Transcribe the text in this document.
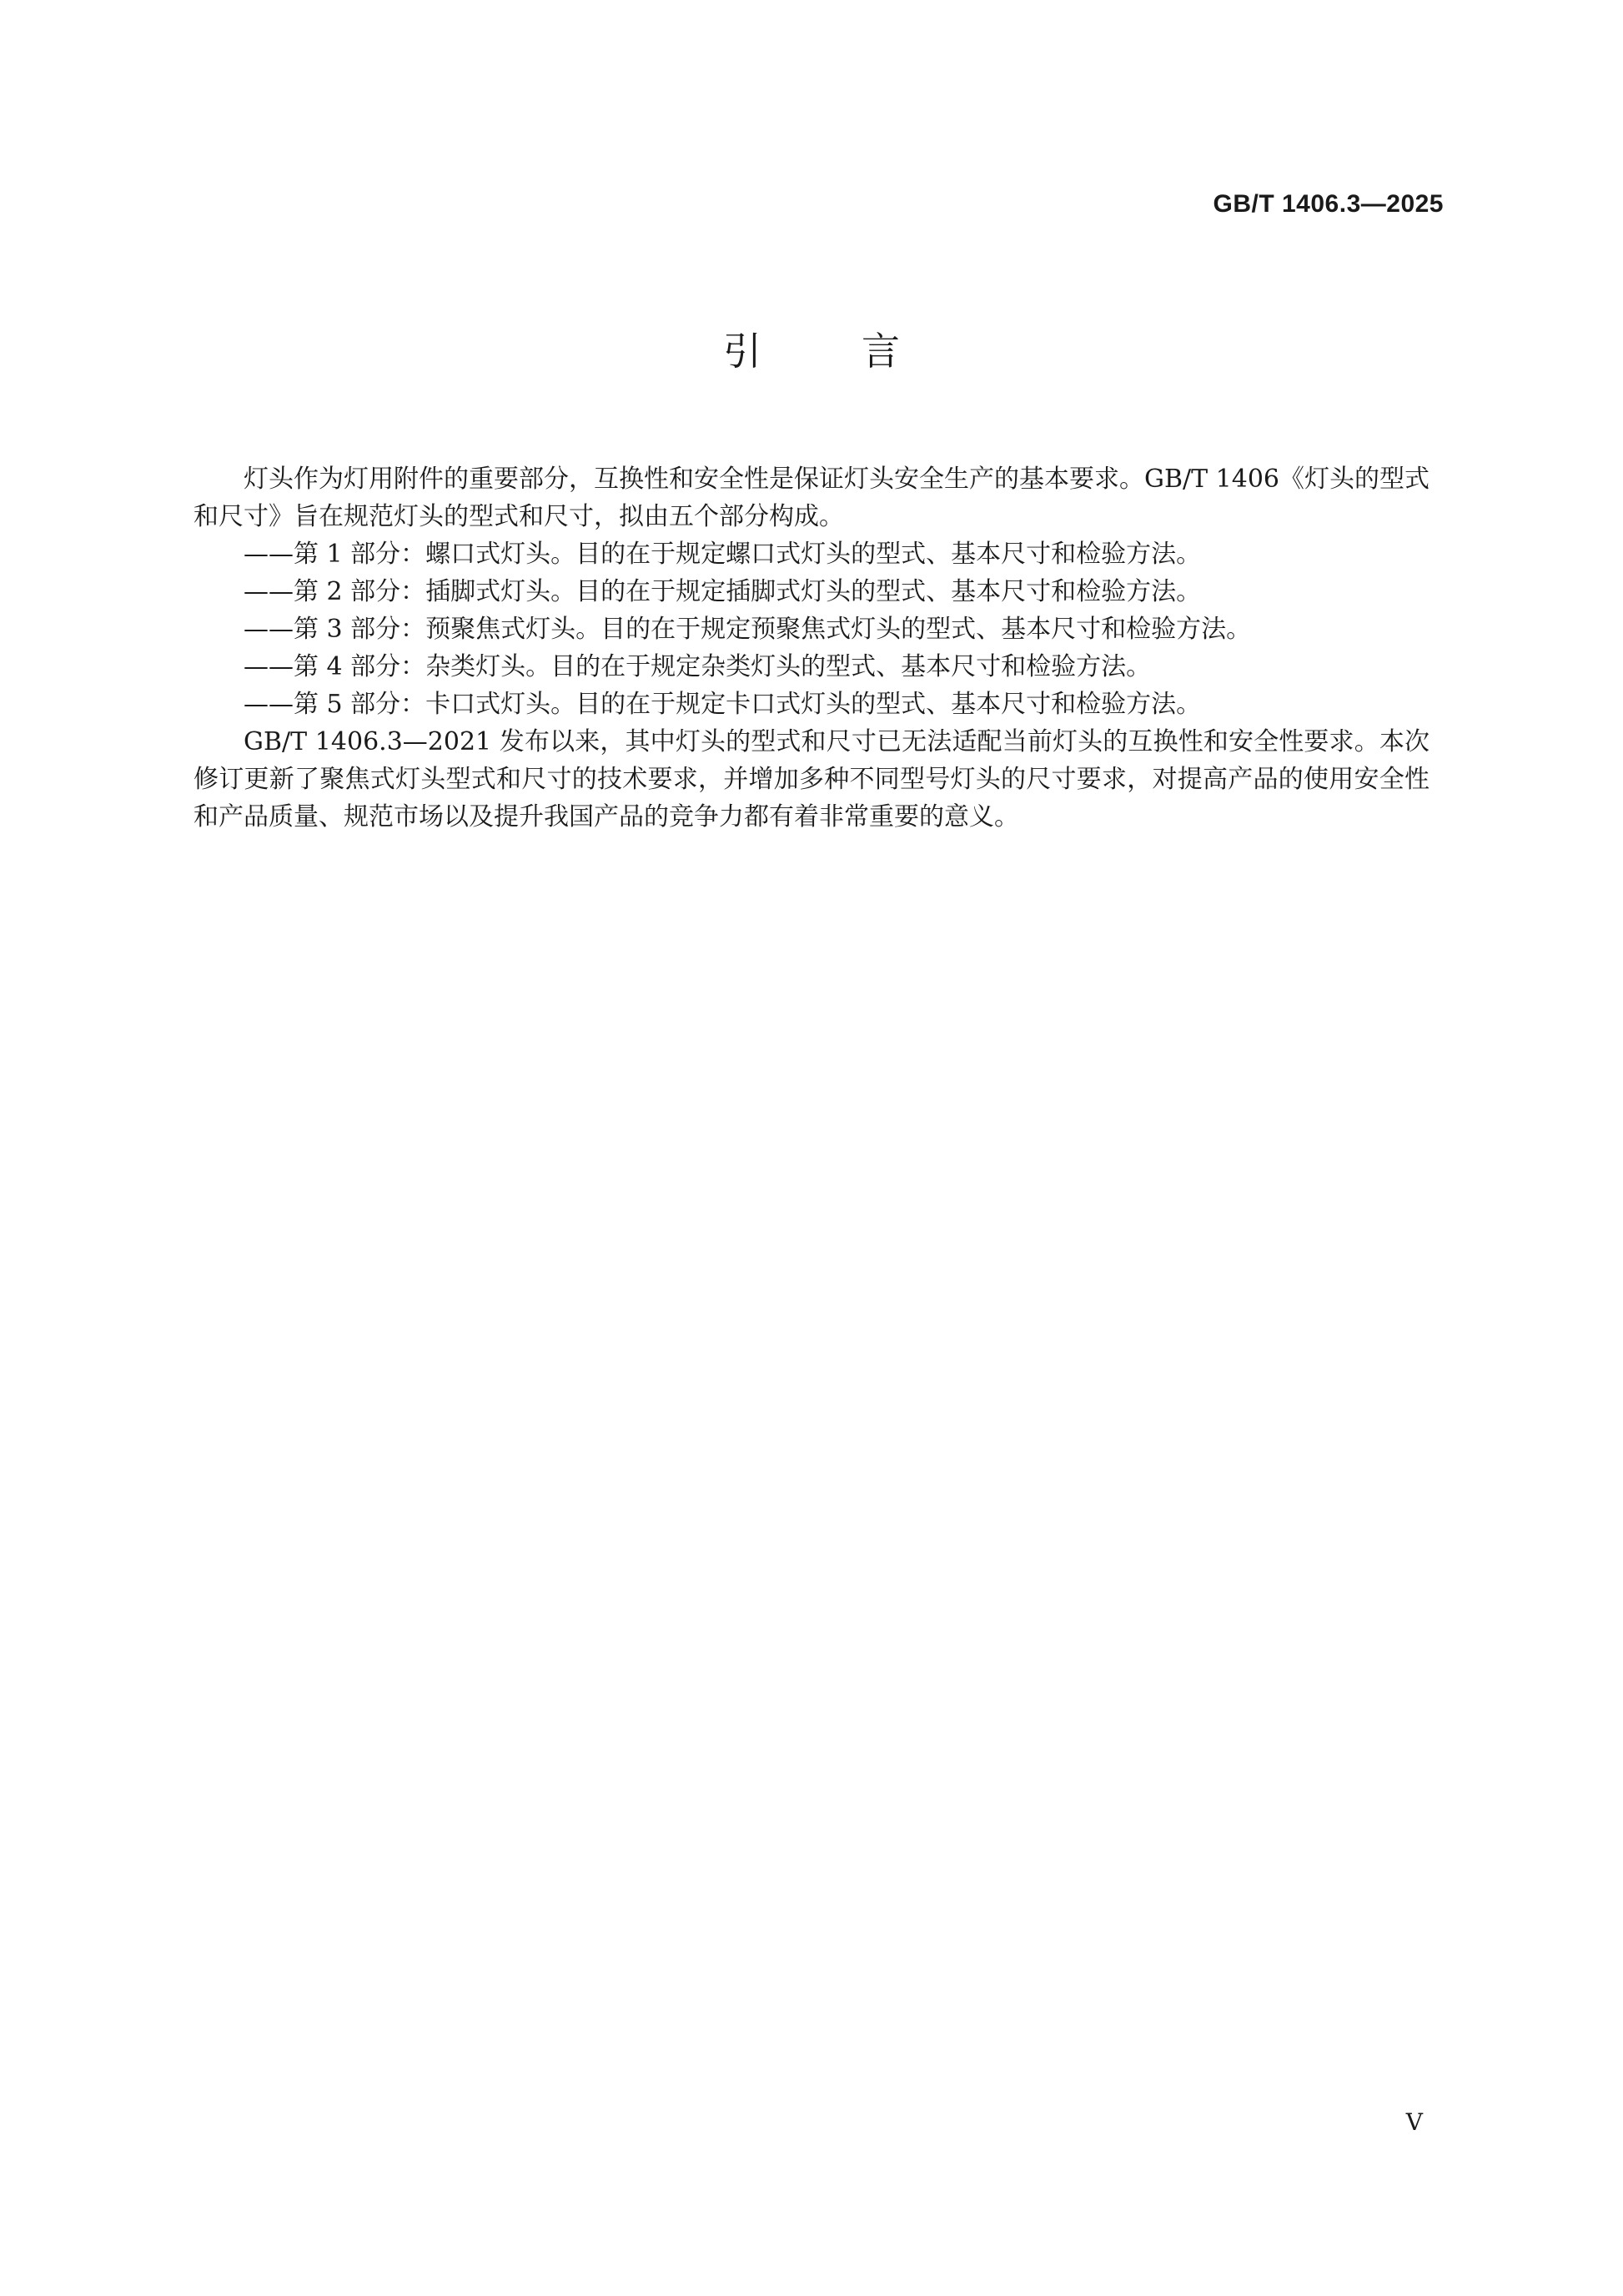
GB/T 1406.3—2025
引言

灯头作为灯用附件的重要部分，互换性和安全性是保证灯头安全生产的基本要求。GB/T 1406《灯头的型式和尺寸》旨在规范灯头的型式和尺寸，拟由五个部分构成。

——第 1 部分：螺口式灯头。目的在于规定螺口式灯头的型式、基本尺寸和检验方法。

——第 2 部分：插脚式灯头。目的在于规定插脚式灯头的型式、基本尺寸和检验方法。

——第 3 部分：预聚焦式灯头。目的在于规定预聚焦式灯头的型式、基本尺寸和检验方法。

——第 4 部分：杂类灯头。目的在于规定杂类灯头的型式、基本尺寸和检验方法。

——第 5 部分：卡口式灯头。目的在于规定卡口式灯头的型式、基本尺寸和检验方法。

GB/T 1406.3—2021 发布以来，其中灯头的型式和尺寸已无法适配当前灯头的互换性和安全性要求。本次修订更新了聚焦式灯头型式和尺寸的技术要求，并增加多种不同型号灯头的尺寸要求，对提高产品的使用安全性和产品质量、规范市场以及提升我国产品的竞争力都有着非常重要的意义。

V
